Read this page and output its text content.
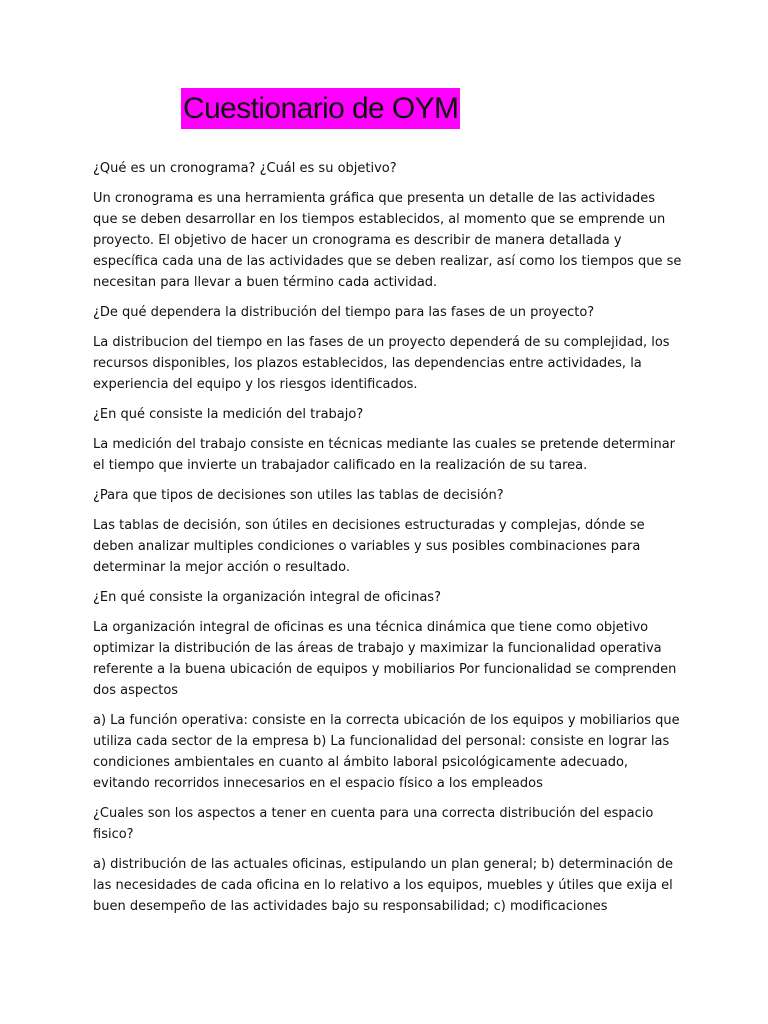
Cuestionario de OYM

¿Qué es un cronograma? ¿Cuál es su objetivo?

Un cronograma es una herramienta gráfica que presenta un detalle de las actividades que se deben desarrollar en los tiempos establecidos, al momento que se emprende un proyecto. El objetivo de hacer un cronograma es describir de manera detallada y específica cada una de las actividades que se deben realizar, así como los tiempos que se necesitan para llevar a buen término cada actividad.

¿De qué dependera la distribución del tiempo para las fases de un proyecto?

La distribucion del tiempo en las fases de un proyecto dependerá de su complejidad, los recursos disponibles, los plazos establecidos, las dependencias entre actividades, la experiencia del equipo y los riesgos identificados.

¿En qué consiste la medición del trabajo?

La medición del trabajo consiste en técnicas mediante las cuales se pretende determinar el tiempo que invierte un trabajador calificado en la realización de su tarea.

¿Para que tipos de decisiones son utiles las tablas de decisión?

Las tablas de decisión, son útiles en decisiones estructuradas y complejas, dónde se deben analizar multiples condiciones o variables y sus posibles combinaciones para determinar la mejor acción o resultado.

¿En qué consiste la organización integral de oficinas?

La organización integral de oficinas es una técnica dinámica que tiene como objetivo optimizar la distribución de las áreas de trabajo y maximizar la funcionalidad operativa referente a la buena ubicación de equipos y mobiliarios Por funcionalidad se comprenden dos aspectos

a) La función operativa: consiste en la correcta ubicación de los equipos y mobiliarios que utiliza cada sector de la empresa b) La funcionalidad del personal: consiste en lograr las condiciones ambientales en cuanto al ámbito laboral psicológicamente adecuado, evitando recorridos innecesarios en el espacio físico a los empleados

¿Cuales son los aspectos a tener en cuenta para una correcta distribución del espacio fisico?

a) distribución de las actuales oficinas, estipulando un plan general; b) determinación de las necesidades de cada oficina en lo relativo a los equipos, muebles y útiles que exija el buen desempeño de las actividades bajo su responsabilidad; c) modificaciones
